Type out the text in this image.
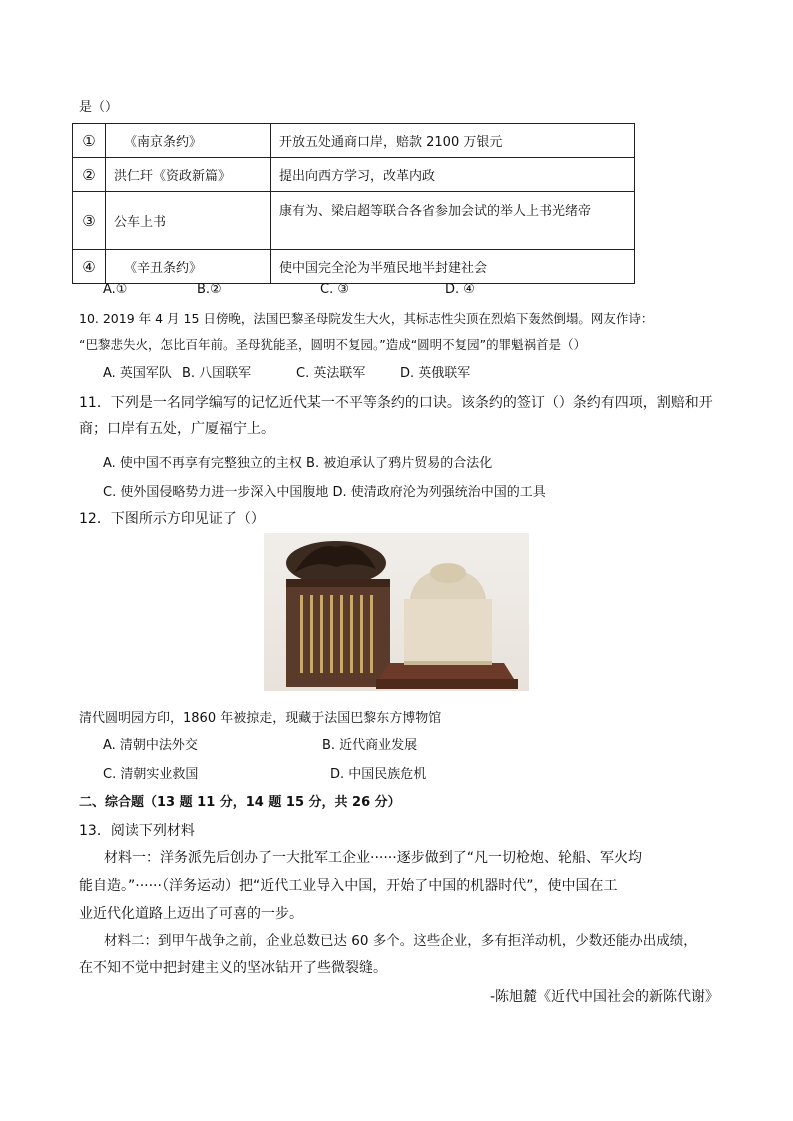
是（）
①	《南京条约》	开放五处通商口岸，赔款 2100 万银元
②	洪仁玕《资政新篇》	提出向西方学习，改革内政
③	公车上书	康有为、梁启超等联合各省参加会试的举人上书光绪帝
④	《辛丑条约》	使中国完全沦为半殖民地半封建社会
A.①	B.②	C. ③	D. ④
10. 2019 年 4 月 15 日傍晚，法国巴黎圣母院发生大火，其标志性尖顶在烈焰下轰然倒塌。网友作诗：
“巴黎悲失火，怎比百年前。圣母犹能圣，圆明不复园。”造成“圆明不复园”的罪魁祸首是（）
A. 英国军队 B. 八国联军	C. 英法联军	D. 英俄联军
11．下列是一名同学编写的记忆近代某一不平等条约的口诀。该条约的签订（）条约有四项，割赔和开
商；口岸有五处，广厦福宁上。
A. 使中国不再享有完整独立的主权 B. 被迫承认了鸦片贸易的合法化
C. 使外国侵略势力进一步深入中国腹地 D. 使清政府沦为列强统治中国的工具
12．下图所示方印见证了（）
清代圆明园方印，1860 年被掠走，现藏于法国巴黎东方博物馆
A. 清朝中法外交	B. 近代商业发展
C. 清朝实业救国	D. 中国民族危机
二、综合题（13 题 11 分，14 题 15 分，共 26 分）
13．阅读下列材料
材料一：洋务派先后创办了一大批军工企业······逐步做到了“凡一切枪炮、轮船、军火均
能自造。”······（洋务运动）把“近代工业导入中国，开始了中国的机器时代”，使中国在工
业近代化道路上迈出了可喜的一步。
材料二：到甲午战争之前，企业总数已达 60 多个。这些企业，多有拒洋动机，少数还能办出成绩，
在不知不觉中把封建主义的坚冰钻开了些微裂缝。
-陈旭麓《近代中国社会的新陈代谢》
